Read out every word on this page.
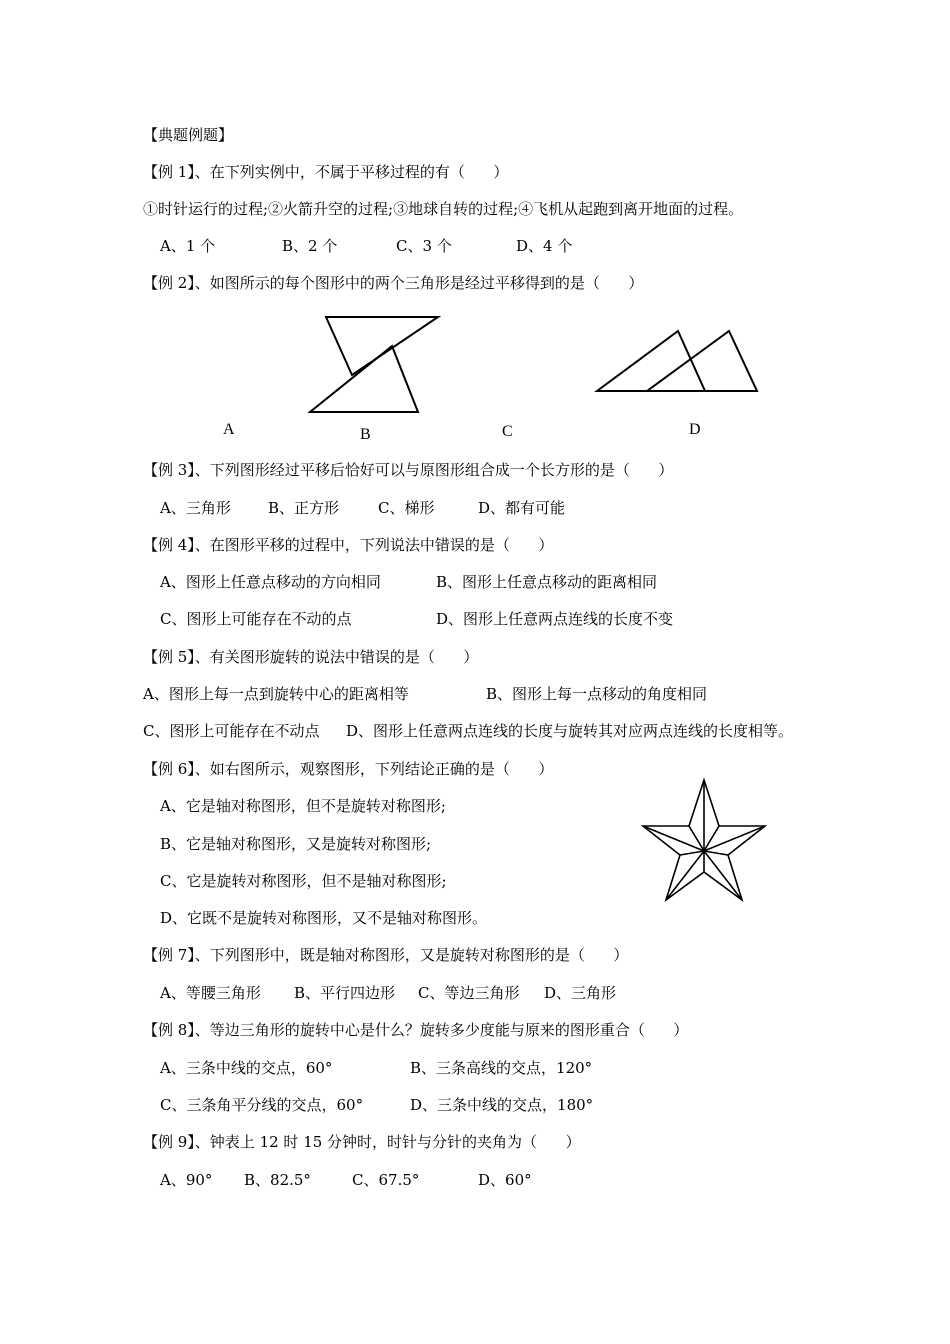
【典题例题】
【例 1】、在下列实例中，不属于平移过程的有（      ）
①时针运行的过程;②火箭升空的过程;③地球自转的过程;④飞机从起跑到离开地面的过程。
A、1 个	B、2 个	C、3 个	D、4 个
【例 2】、如图所示的每个图形中的两个三角形是经过平移得到的是（      ）
A	B	C	D
【例 3】、下列图形经过平移后恰好可以与原图形组合成一个长方形的是（      ）
A、三角形 B、正方形	C、梯形	D、都有可能
【例 4】、在图形平移的过程中，下列说法中错误的是（      ）
A、图形上任意点移动的方向相同	B、图形上任意点移动的距离相同
C、图形上可能存在不动的点	D、图形上任意两点连线的长度不变
【例 5】、有关图形旋转的说法中错误的是（      ）
A、图形上每一点到旋转中心的距离相等	B、图形上每一点移动的角度相同
C、图形上可能存在不动点 D、图形上任意两点连线的长度与旋转其对应两点连线的长度相等。
【例 6】、如右图所示，观察图形，下列结论正确的是（      ）
A、它是轴对称图形，但不是旋转对称图形;
B、它是轴对称图形，又是旋转对称图形;
C、它是旋转对称图形，但不是轴对称图形;
D、它既不是旋转对称图形，又不是轴对称图形。
【例 7】、下列图形中，既是轴对称图形，又是旋转对称图形的是（      ）
A、等腰三角形 B、平行四边形 C、等边三角形 D、三角形
【例 8】、等边三角形的旋转中心是什么？旋转多少度能与原来的图形重合（      ）
A、三条中线的交点，60°	B、三条高线的交点，120°
C、三条角平分线的交点，60°	D、三条中线的交点，180°
【例 9】、钟表上 12 时 15 分钟时，时针与分针的夹角为（      ）
A、90° B、82.5°	C、67.5°	D、60°
